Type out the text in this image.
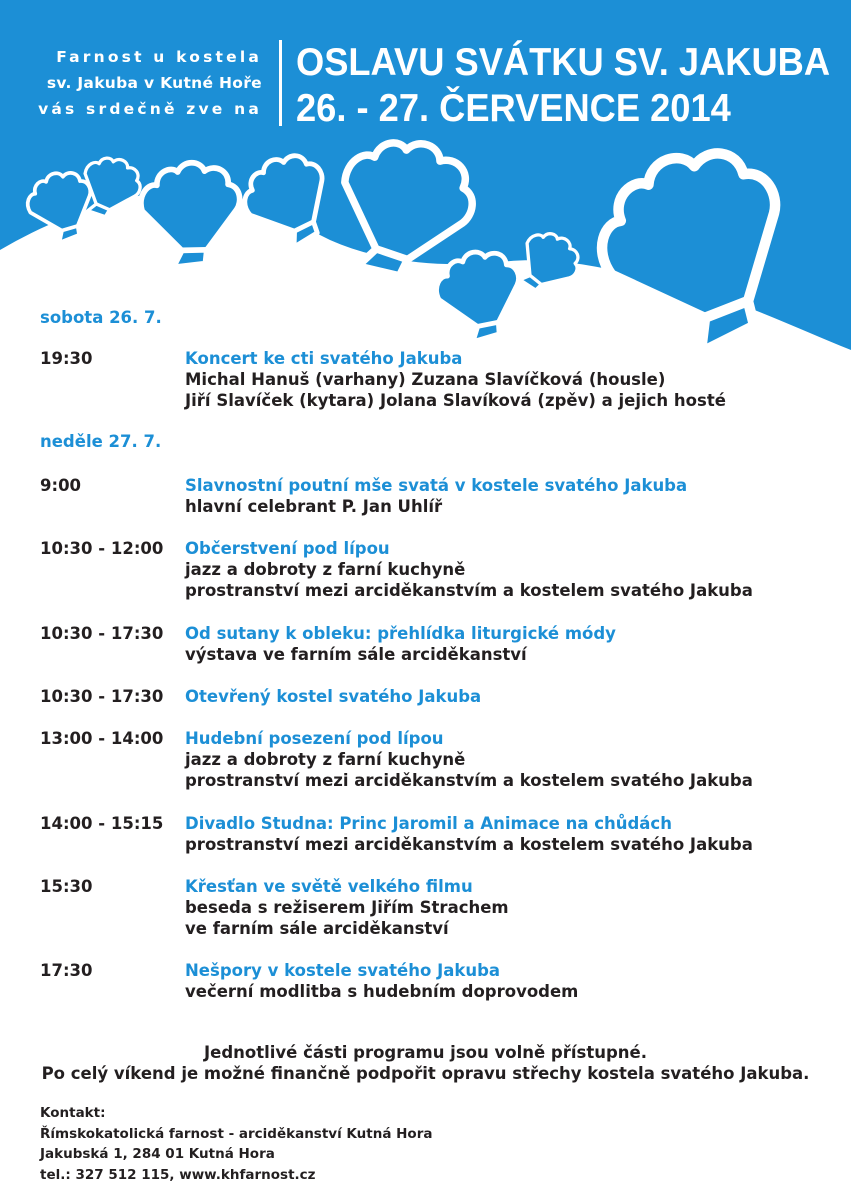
Farnost u kostela
sv. Jakuba v Kutné Hoře
vás srdečně zve na
OSLAVU SVÁTKU SV. JAKUBA
26. - 27. ČERVENCE 2014
sobota 26. 7.
19:30	Koncert ke cti svatého Jakuba
Michal Hanuš (varhany) Zuzana Slavíčková (housle)
Jiří Slavíček (kytara) Jolana Slavíková (zpěv) a jejich hosté
neděle 27. 7.
9:00	Slavnostní poutní mše svatá v kostele svatého Jakuba
hlavní celebrant P. Jan Uhlíř
10:30 - 12:00 Občerstvení pod lípou
jazz a dobroty z farní kuchyně
prostranství mezi arciděkanstvím a kostelem svatého Jakuba
10:30 - 17:30 Od sutany k obleku: přehlídka liturgické módy
výstava ve farním sále arciděkanství
10:30 - 17:30 Otevřený kostel svatého Jakuba
13:00 - 14:00 Hudební posezení pod lípou
jazz a dobroty z farní kuchyně
prostranství mezi arciděkanstvím a kostelem svatého Jakuba
14:00 - 15:15 Divadlo Studna: Princ Jaromil a Animace na chůdách
prostranství mezi arciděkanstvím a kostelem svatého Jakuba
15:30	Křesťan ve světě velkého filmu
beseda s režiserem Jiřím Strachem
ve farním sále arciděkanství
17:30	Nešpory v kostele svatého Jakuba
večerní modlitba s hudebním doprovodem
Jednotlivé části programu jsou volně přístupné.
Po celý víkend je možné finančně podpořit opravu střechy kostela svatého Jakuba.
Kontakt:
Římskokatolická farnost - arciděkanství Kutná Hora
Jakubská 1, 284 01 Kutná Hora
tel.: 327 512 115, www.khfarnost.cz
